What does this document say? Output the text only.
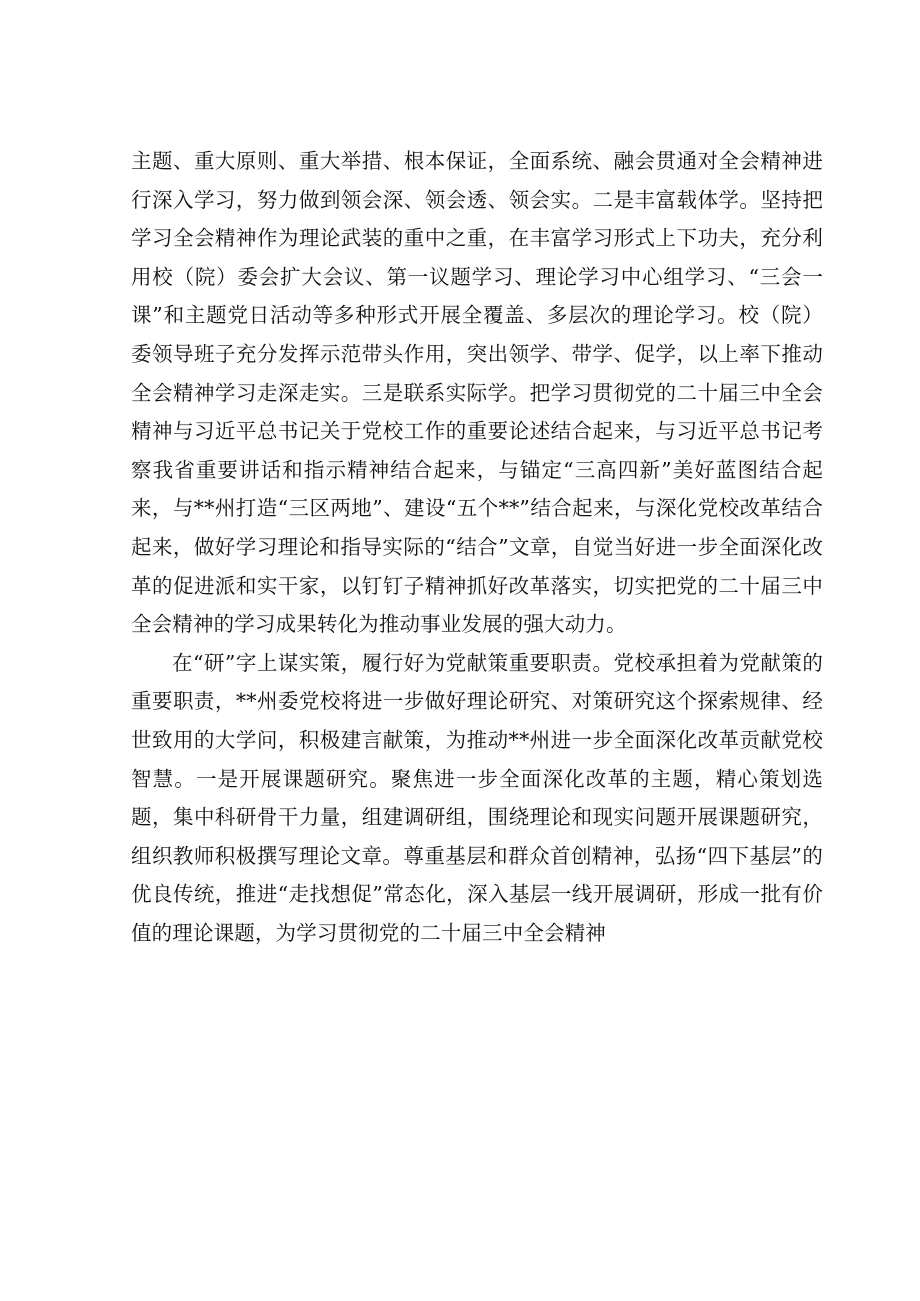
主题、重大原则、重大举措、根本保证，全面系统、融会贯通对全会精神进行深入学习，努力做到领会深、领会透、领会实。二是丰富载体学。坚持把学习全会精神作为理论武装的重中之重，在丰富学习形式上下功夫，充分利用校（院）委会扩大会议、第一议题学习、理论学习中心组学习、“三会一课”和主题党日活动等多种形式开展全覆盖、多层次的理论学习。校（院）委领导班子充分发挥示范带头作用，突出领学、带学、促学，以上率下推动全会精神学习走深走实。三是联系实际学。把学习贯彻党的二十届三中全会精神与习近平总书记关于党校工作的重要论述结合起来，与习近平总书记考察我省重要讲话和指示精神结合起来，与锚定“三高四新”美好蓝图结合起来，与**州打造“三区两地”、建设“五个**”结合起来，与深化党校改革结合起来，做好学习理论和指导实际的“结合”文章，自觉当好进一步全面深化改革的促进派和实干家，以钉钉子精神抓好改革落实，切实把党的二十届三中全会精神的学习成果转化为推动事业发展的强大动力。

在“研”字上谋实策，履行好为党献策重要职责。党校承担着为党献策的重要职责，**州委党校将进一步做好理论研究、对策研究这个探索规律、经世致用的大学问，积极建言献策，为推动**州进一步全面深化改革贡献党校智慧。一是开展课题研究。聚焦进一步全面深化改革的主题，精心策划选题，集中科研骨干力量，组建调研组，围绕理论和现实问题开展课题研究，组织教师积极撰写理论文章。尊重基层和群众首创精神，弘扬“四下基层”的优良传统，推进“走找想促”常态化，深入基层一线开展调研，形成一批有价值的理论课题，为学习贯彻党的二十届三中全会精神
